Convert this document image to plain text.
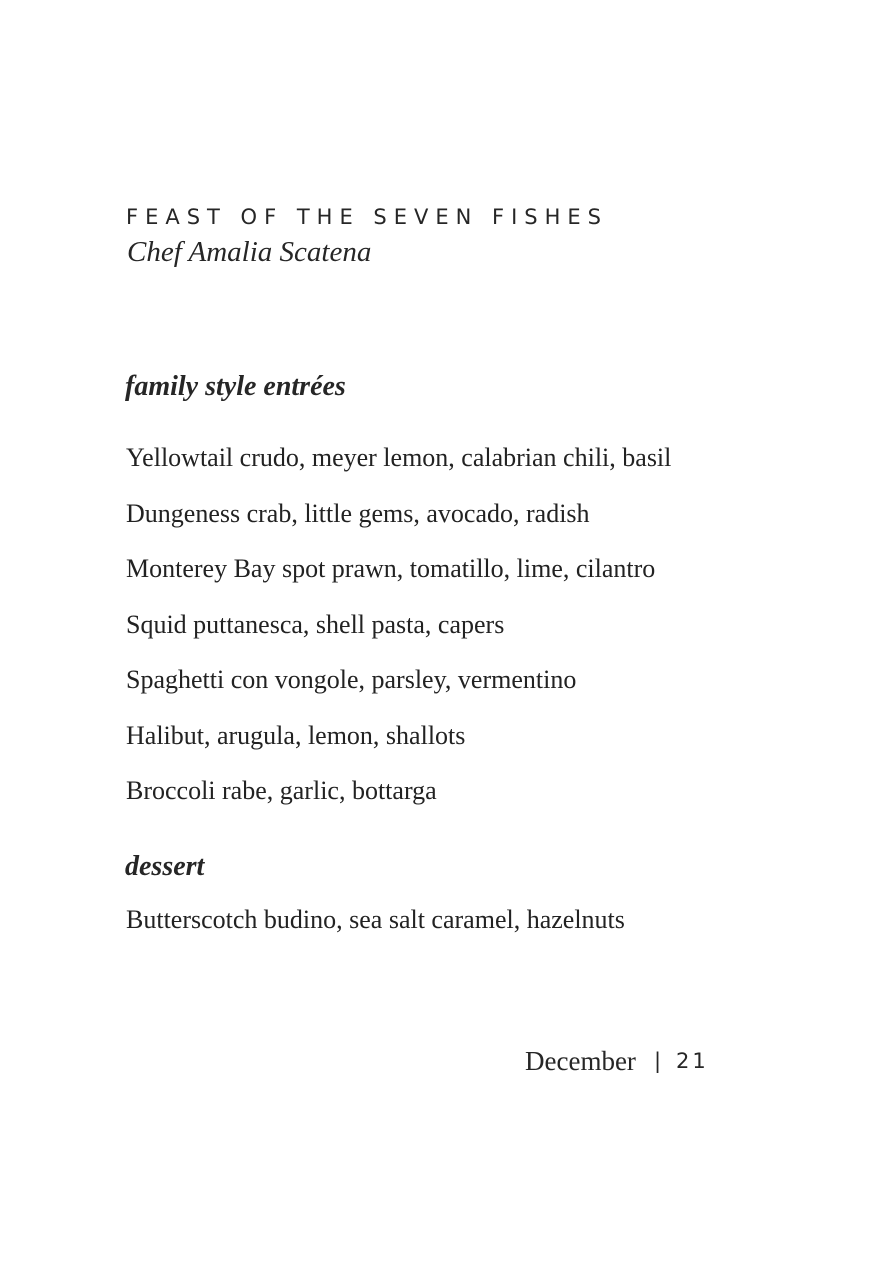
FEAST OF THE SEVEN FISHES

Chef Amalia Scatena

family style entrées
Yellowtail crudo, meyer lemon, calabrian chili, basil
Dungeness crab, little gems, avocado, radish
Monterey Bay spot prawn, tomatillo, lime, cilantro
Squid puttanesca, shell pasta, capers
Spaghetti con vongole, parsley, vermentino
Halibut, arugula, lemon, shallots
Broccoli rabe, garlic, bottarga
dessert
Butterscotch budino, sea salt caramel, hazelnuts
December | 21
